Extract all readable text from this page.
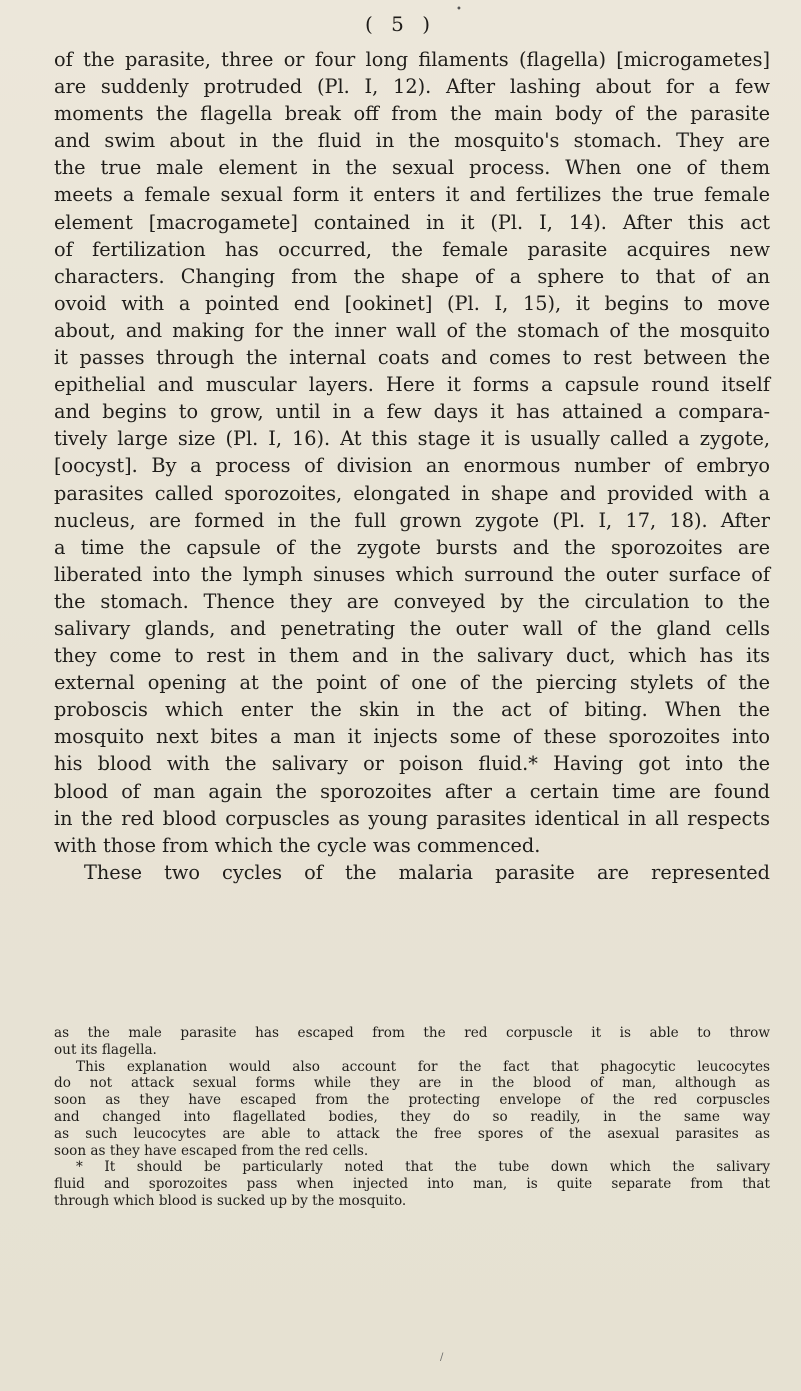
•
( 5 )
of the parasite, three or four long filaments (flagella) [microgametes]
are suddenly protruded (Pl. I, 12). After lashing about for a few
moments the flagella break off from the main body of the parasite
and swim about in the fluid in the mosquito's stomach. They are
the true male element in the sexual process. When one of them
meets a female sexual form it enters it and fertilizes the true female
element [macrogamete] contained in it (Pl. I, 14). After this act
of fertilization has occurred, the female parasite acquires new
characters. Changing from the shape of a sphere to that of an
ovoid with a pointed end [ookinet] (Pl. I, 15), it begins to move
about, and making for the inner wall of the stomach of the mosquito
it passes through the internal coats and comes to rest between the
epithelial and muscular layers. Here it forms a capsule round itself
and begins to grow, until in a few days it has attained a compara-
tively large size (Pl. I, 16). At this stage it is usually called a zygote,
[oocyst]. By a process of division an enormous number of embryo
parasites called sporozoites, elongated in shape and provided with a
nucleus, are formed in the full grown zygote (Pl. I, 17, 18). After
a time the capsule of the zygote bursts and the sporozoites are
liberated into the lymph sinuses which surround the outer surface of
the stomach. Thence they are conveyed by the circulation to the
salivary glands, and penetrating the outer wall of the gland cells
they come to rest in them and in the salivary duct, which has its
external opening at the point of one of the piercing stylets of the
proboscis which enter the skin in the act of biting. When the
mosquito next bites a man it injects some of these sporozoites into
his blood with the salivary or poison fluid.* Having got into the
blood of man again the sporozoites after a certain time are found
in the red blood corpuscles as young parasites identical in all respects
with those from which the cycle was commenced.
These two cycles of the malaria parasite are represented
as the male parasite has escaped from the red corpuscle it is able to throw
out its flagella.
This explanation would also account for the fact that phagocytic leucocytes
do not attack sexual forms while they are in the blood of man, although as
soon as they have escaped from the protecting envelope of the red corpuscles
and changed into flagellated bodies, they do so readily, in the same way
as such leucocytes are able to attack the free spores of the asexual parasites as
soon as they have escaped from the red cells.
* It should be particularly noted that the tube down which the salivary
fluid and sporozoites pass when injected into man, is quite separate from that
through which blood is sucked up by the mosquito.
/
